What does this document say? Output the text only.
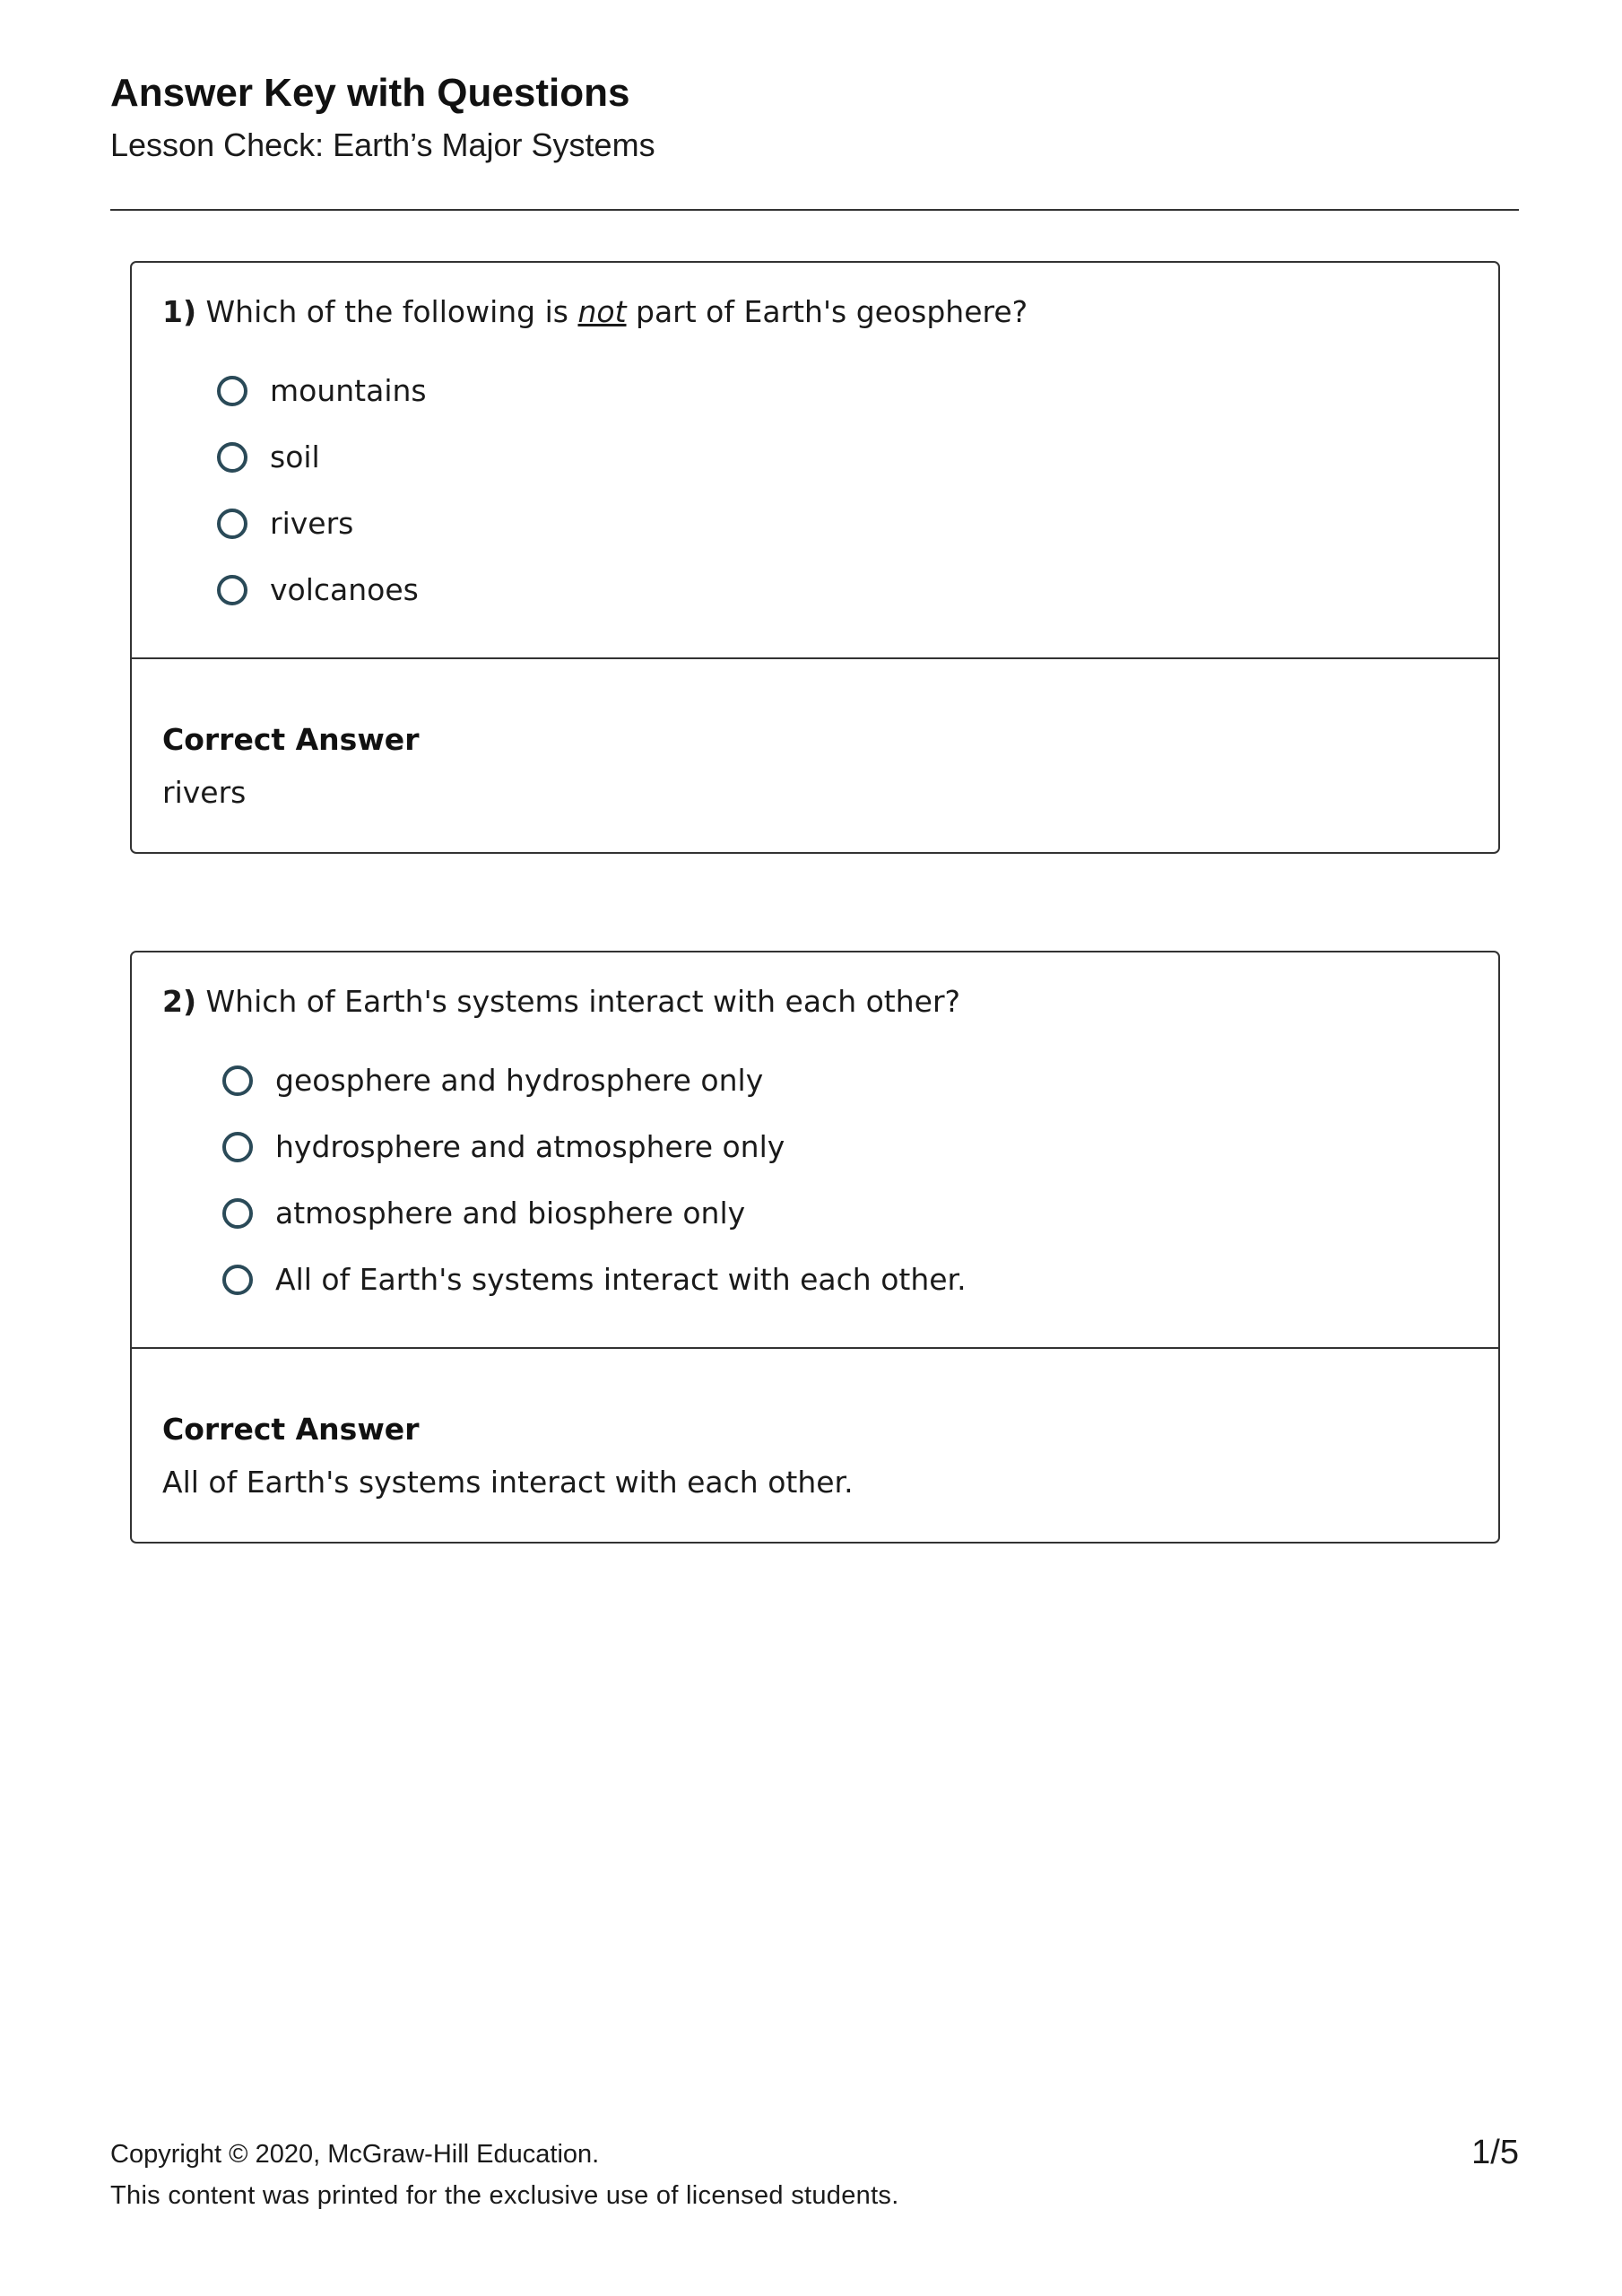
Answer Key with Questions
Lesson Check: Earth’s Major Systems

1) Which of the following is not part of Earth's geosphere?

mountains
soil
rivers
volcanoes
Correct Answer
rivers

2) Which of Earth's systems interact with each other?

geosphere and hydrosphere only
hydrosphere and atmosphere only
atmosphere and biosphere only
All of Earth's systems interact with each other.
Correct Answer
All of Earth's systems interact with each other.
Copyright © 2020, McGraw-Hill Education.
This content was printed for the exclusive use of licensed students.
1/5
